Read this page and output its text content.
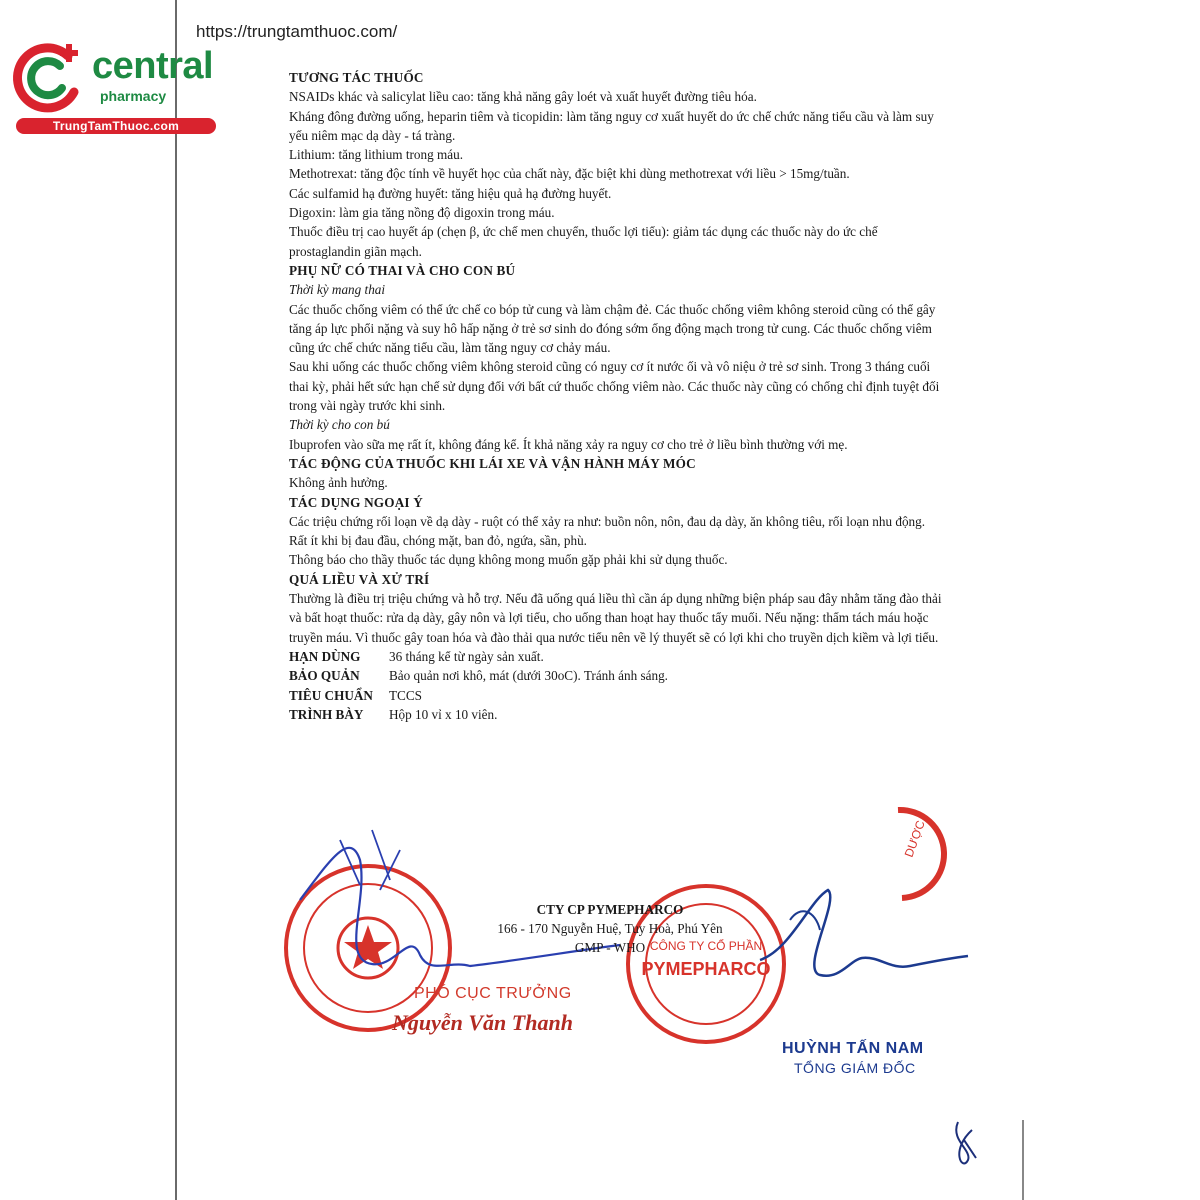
https://trungtamthuoc.com/
central
pharmacy
TrungTamThuoc.com

TƯƠNG TÁC THUỐC

NSAIDs khác và salicylat liều cao: tăng khả năng gây loét và xuất huyết đường tiêu hóa.

Kháng đông đường uống, heparin tiêm và ticopidin: làm tăng nguy cơ xuất huyết do ức chế chức năng tiểu cầu và làm suy yếu niêm mạc dạ dày - tá tràng.

Lithium: tăng lithium trong máu.

Methotrexat: tăng độc tính về huyết học của chất này, đặc biệt khi dùng methotrexat với liều > 15mg/tuần.

Các sulfamid hạ đường huyết: tăng hiệu quả hạ đường huyết.

Digoxin: làm gia tăng nồng độ digoxin trong máu.

Thuốc điều trị cao huyết áp (chẹn β, ức chế men chuyển, thuốc lợi tiểu): giảm tác dụng các thuốc này do ức chế prostaglandin giãn mạch.

PHỤ NỮ CÓ THAI VÀ CHO CON BÚ

Thời kỳ mang thai

Các thuốc chống viêm có thể ức chế co bóp tử cung và làm chậm đẻ. Các thuốc chống viêm không steroid cũng có thể gây tăng áp lực phổi nặng và suy hô hấp nặng ở trẻ sơ sinh do đóng sớm ống động mạch trong tử cung. Các thuốc chống viêm cũng ức chế chức năng tiểu cầu, làm tăng nguy cơ chảy máu.

Sau khi uống các thuốc chống viêm không steroid cũng có nguy cơ ít nước ối và vô niệu ở trẻ sơ sinh. Trong 3 tháng cuối thai kỳ, phải hết sức hạn chế sử dụng đối với bất cứ thuốc chống viêm nào. Các thuốc này cũng có chống chỉ định tuyệt đối trong vài ngày trước khi sinh.

Thời kỳ cho con bú

Ibuprofen vào sữa mẹ rất ít, không đáng kể. Ít khả năng xảy ra nguy cơ cho trẻ ở liều bình thường với mẹ.

TÁC ĐỘNG CỦA THUỐC KHI LÁI XE VÀ VẬN HÀNH MÁY MÓC

Không ảnh hưởng.

TÁC DỤNG NGOẠI Ý

Các triệu chứng rối loạn về dạ dày - ruột có thể xảy ra như: buồn nôn, nôn, đau dạ dày, ăn không tiêu, rối loạn nhu động.

Rất ít khi bị đau đầu, chóng mặt, ban đỏ, ngứa, sần, phù.

Thông báo cho thầy thuốc tác dụng không mong muốn gặp phải khi sử dụng thuốc.

QUÁ LIỀU VÀ XỬ TRÍ

Thường là điều trị triệu chứng và hỗ trợ. Nếu đã uống quá liều thì cần áp dụng những biện pháp sau đây nhằm tăng đào thải và bất hoạt thuốc: rửa dạ dày, gây nôn và lợi tiểu, cho uống than hoạt hay thuốc tẩy muối. Nếu nặng: thẩm tách máu hoặc truyền máu. Vì thuốc gây toan hóa và đào thải qua nước tiểu nên về lý thuyết sẽ có lợi khi cho truyền dịch kiềm và lợi tiểu.

HẠN DÙNG	36 tháng kể từ ngày sản xuất.
BẢO QUẢN	Bảo quản nơi khô, mát (dưới 30oC). Tránh ánh sáng.
TIÊU CHUẨN	TCCS
TRÌNH BÀY	Hộp 10 vỉ x 10 viên.
CÔNG TY CỔ PHẦN
PYMEPHARCO
DƯỢC
CTY CP PYMEPHARCO
166 - 170 Nguyễn Huệ, Tuy Hoà, Phú Yên
GMP - WHO
PHÓ CỤC TRƯỞNG
Nguyễn Văn Thanh
HUỲNH TẤN NAM
TỔNG GIÁM ĐỐC
